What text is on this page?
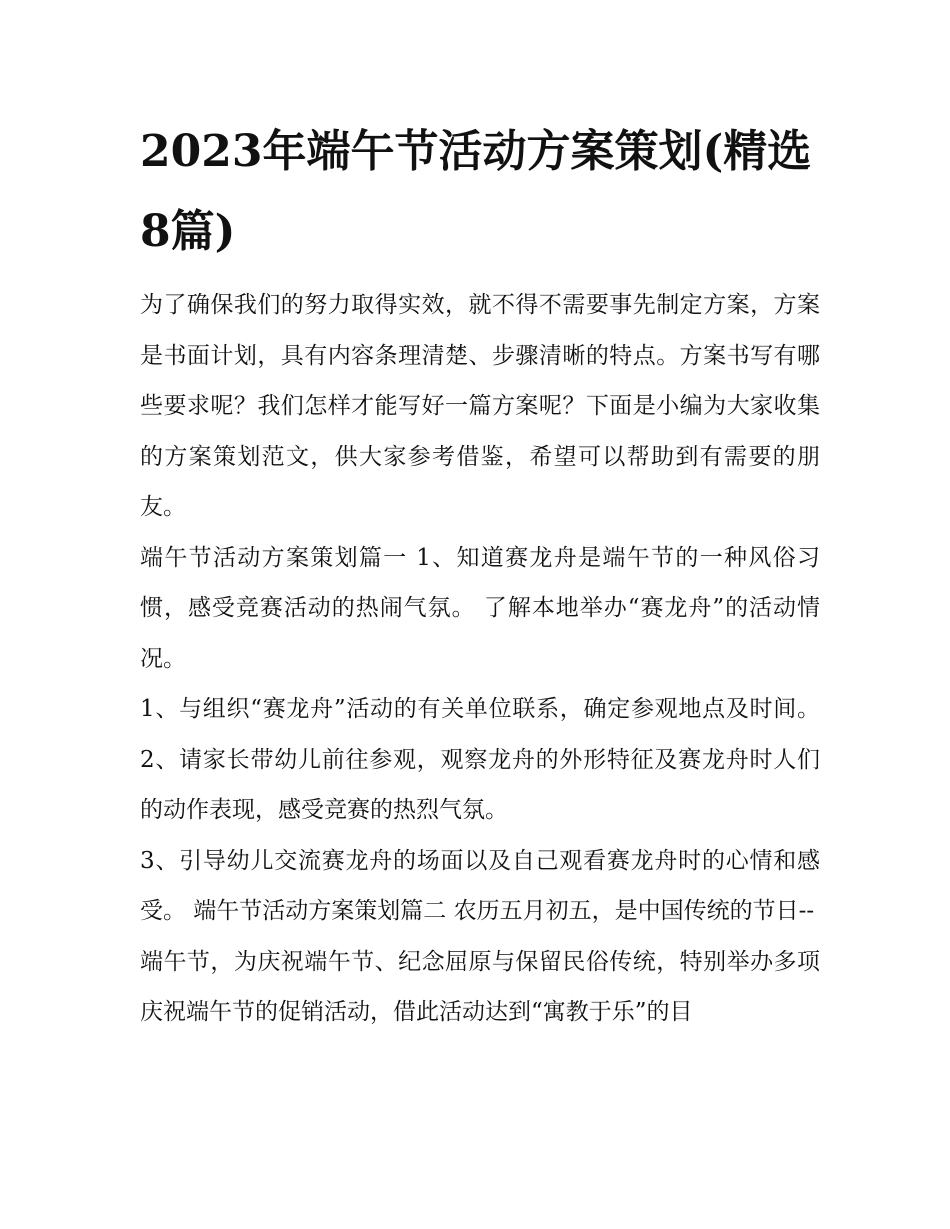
2023年端午节活动方案策划(精选8篇)

为了确保我们的努力取得实效，就不得不需要事先制定方案，方案是书面计划，具有内容条理清楚、步骤清晰的特点。方案书写有哪些要求呢？我们怎样才能写好一篇方案呢？下面是小编为大家收集的方案策划范文，供大家参考借鉴，希望可以帮助到有需要的朋友。

端午节活动方案策划篇一 1、知道赛龙舟是端午节的一种风俗习惯，感受竞赛活动的热闹气氛。 了解本地举办“赛龙舟”的活动情况。

1、与组织“赛龙舟”活动的有关单位联系，确定参观地点及时间。 2、请家长带幼儿前往参观，观察龙舟的外形特征及赛龙舟时人们的动作表现，感受竞赛的热烈气氛。

3、引导幼儿交流赛龙舟的场面以及自己观看赛龙舟时的心情和感受。 端午节活动方案策划篇二 农历五月初五，是中国传统的节日--

端午节，为庆祝端午节、纪念屈原与保留民俗传统，特别举办多项庆祝端午节的促销活动，借此活动达到“寓教于乐”的目
